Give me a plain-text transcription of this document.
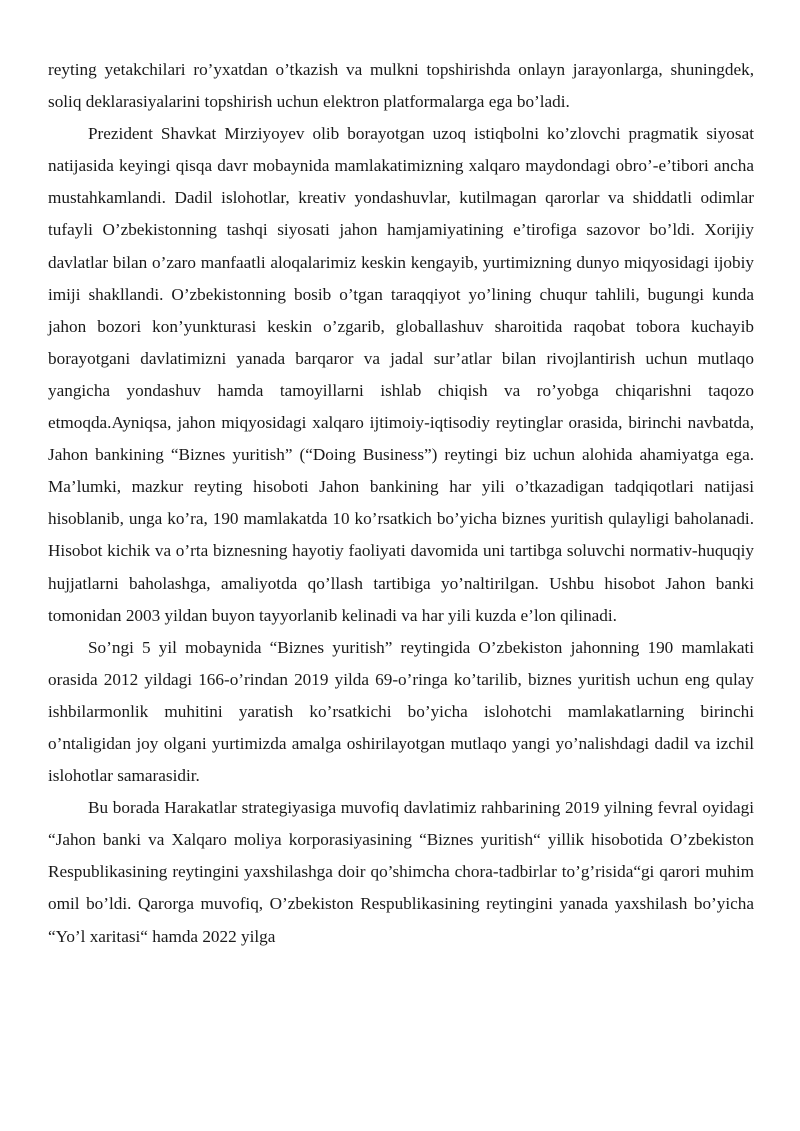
reyting yetakchilari ro’yxatdan o’tkazish va mulkni topshirishda onlayn jarayonlarga, shuningdek, soliq deklarasiyalarini topshirish uchun elektron platformalarga ega bo’ladi.

Prezident Shavkat Mirziyoyev olib borayotgan uzoq istiqbolni ko’zlovchi pragmatik siyosat natijasida keyingi qisqa davr mobaynida mamlakatimizning xalqaro maydondagi obro’-e’tibori ancha mustahkamlandi. Dadil islohotlar, kreativ yondashuvlar, kutilmagan qarorlar va shiddatli odimlar tufayli O’zbekistonning tashqi siyosati jahon hamjamiyatining e’tirofiga sazovor bo’ldi. Xorijiy davlatlar bilan o’zaro manfaatli aloqalarimiz keskin kengayib, yurtimizning dunyo miqyosidagi ijobiy imiji shakllandi. O’zbekistonning bosib o’tgan taraqqiyot yo’lining chuqur tahlili, bugungi kunda jahon bozori kon’yunkturasi keskin o’zgarib, globallashuv sharoitida raqobat tobora kuchayib borayotgani davlatimizni yanada barqaror va jadal sur’atlar bilan rivojlantirish uchun mutlaqo yangicha yondashuv hamda tamoyillarni ishlab chiqish va ro’yobga chiqarishni taqozo etmoqda.Ayniqsa, jahon miqyosidagi xalqaro ijtimoiy-iqtisodiy reytinglar orasida, birinchi navbatda, Jahon bankining “Biznes yuritish” (“Doing Business”) reytingi biz uchun alohida ahamiyatga ega. Ma’lumki, mazkur reyting hisoboti Jahon bankining har yili o’tkazadigan tadqiqotlari natijasi hisoblanib, unga ko’ra, 190 mamlakatda 10 ko’rsatkich bo’yicha biznes yuritish qulayligi baholanadi. Hisobot kichik va o’rta biznesning hayotiy faoliyati davomida uni tartibga soluvchi normativ-huquqiy hujjatlarni baholashga, amaliyotda qo’llash tartibiga yo’naltirilgan. Ushbu hisobot Jahon banki tomonidan 2003 yildan buyon tayyorlanib kelinadi va har yili kuzda e’lon qilinadi.

So’ngi 5 yil mobaynida “Biznes yuritish” reytingida O’zbekiston jahonning 190 mamlakati orasida 2012 yildagi 166-o’rindan 2019 yilda 69-o’ringa ko’tarilib, biznes yuritish uchun eng qulay ishbilarmonlik muhitini yaratish ko’rsatkichi bo’yicha islohotchi mamlakatlarning birinchi o’ntaligidan joy olgani yurtimizda amalga oshirilayotgan mutlaqo yangi yo’nalishdagi dadil va izchil islohotlar samarasidir.

Bu borada Harakatlar strategiyasiga muvofiq davlatimiz rahbarining 2019 yilning fevral oyidagi “Jahon banki va Xalqaro moliya korporasiyasining “Biznes yuritish“ yillik hisobotida O’zbekiston Respublikasining reytingini yaxshilashga doir qo’shimcha chora-tadbirlar to’g’risida“gi qarori muhim omil bo’ldi. Qarorga muvofiq, O’zbekiston Respublikasining reytingini yanada yaxshilash bo’yicha “Yo’l xaritasi“ hamda 2022 yilga
